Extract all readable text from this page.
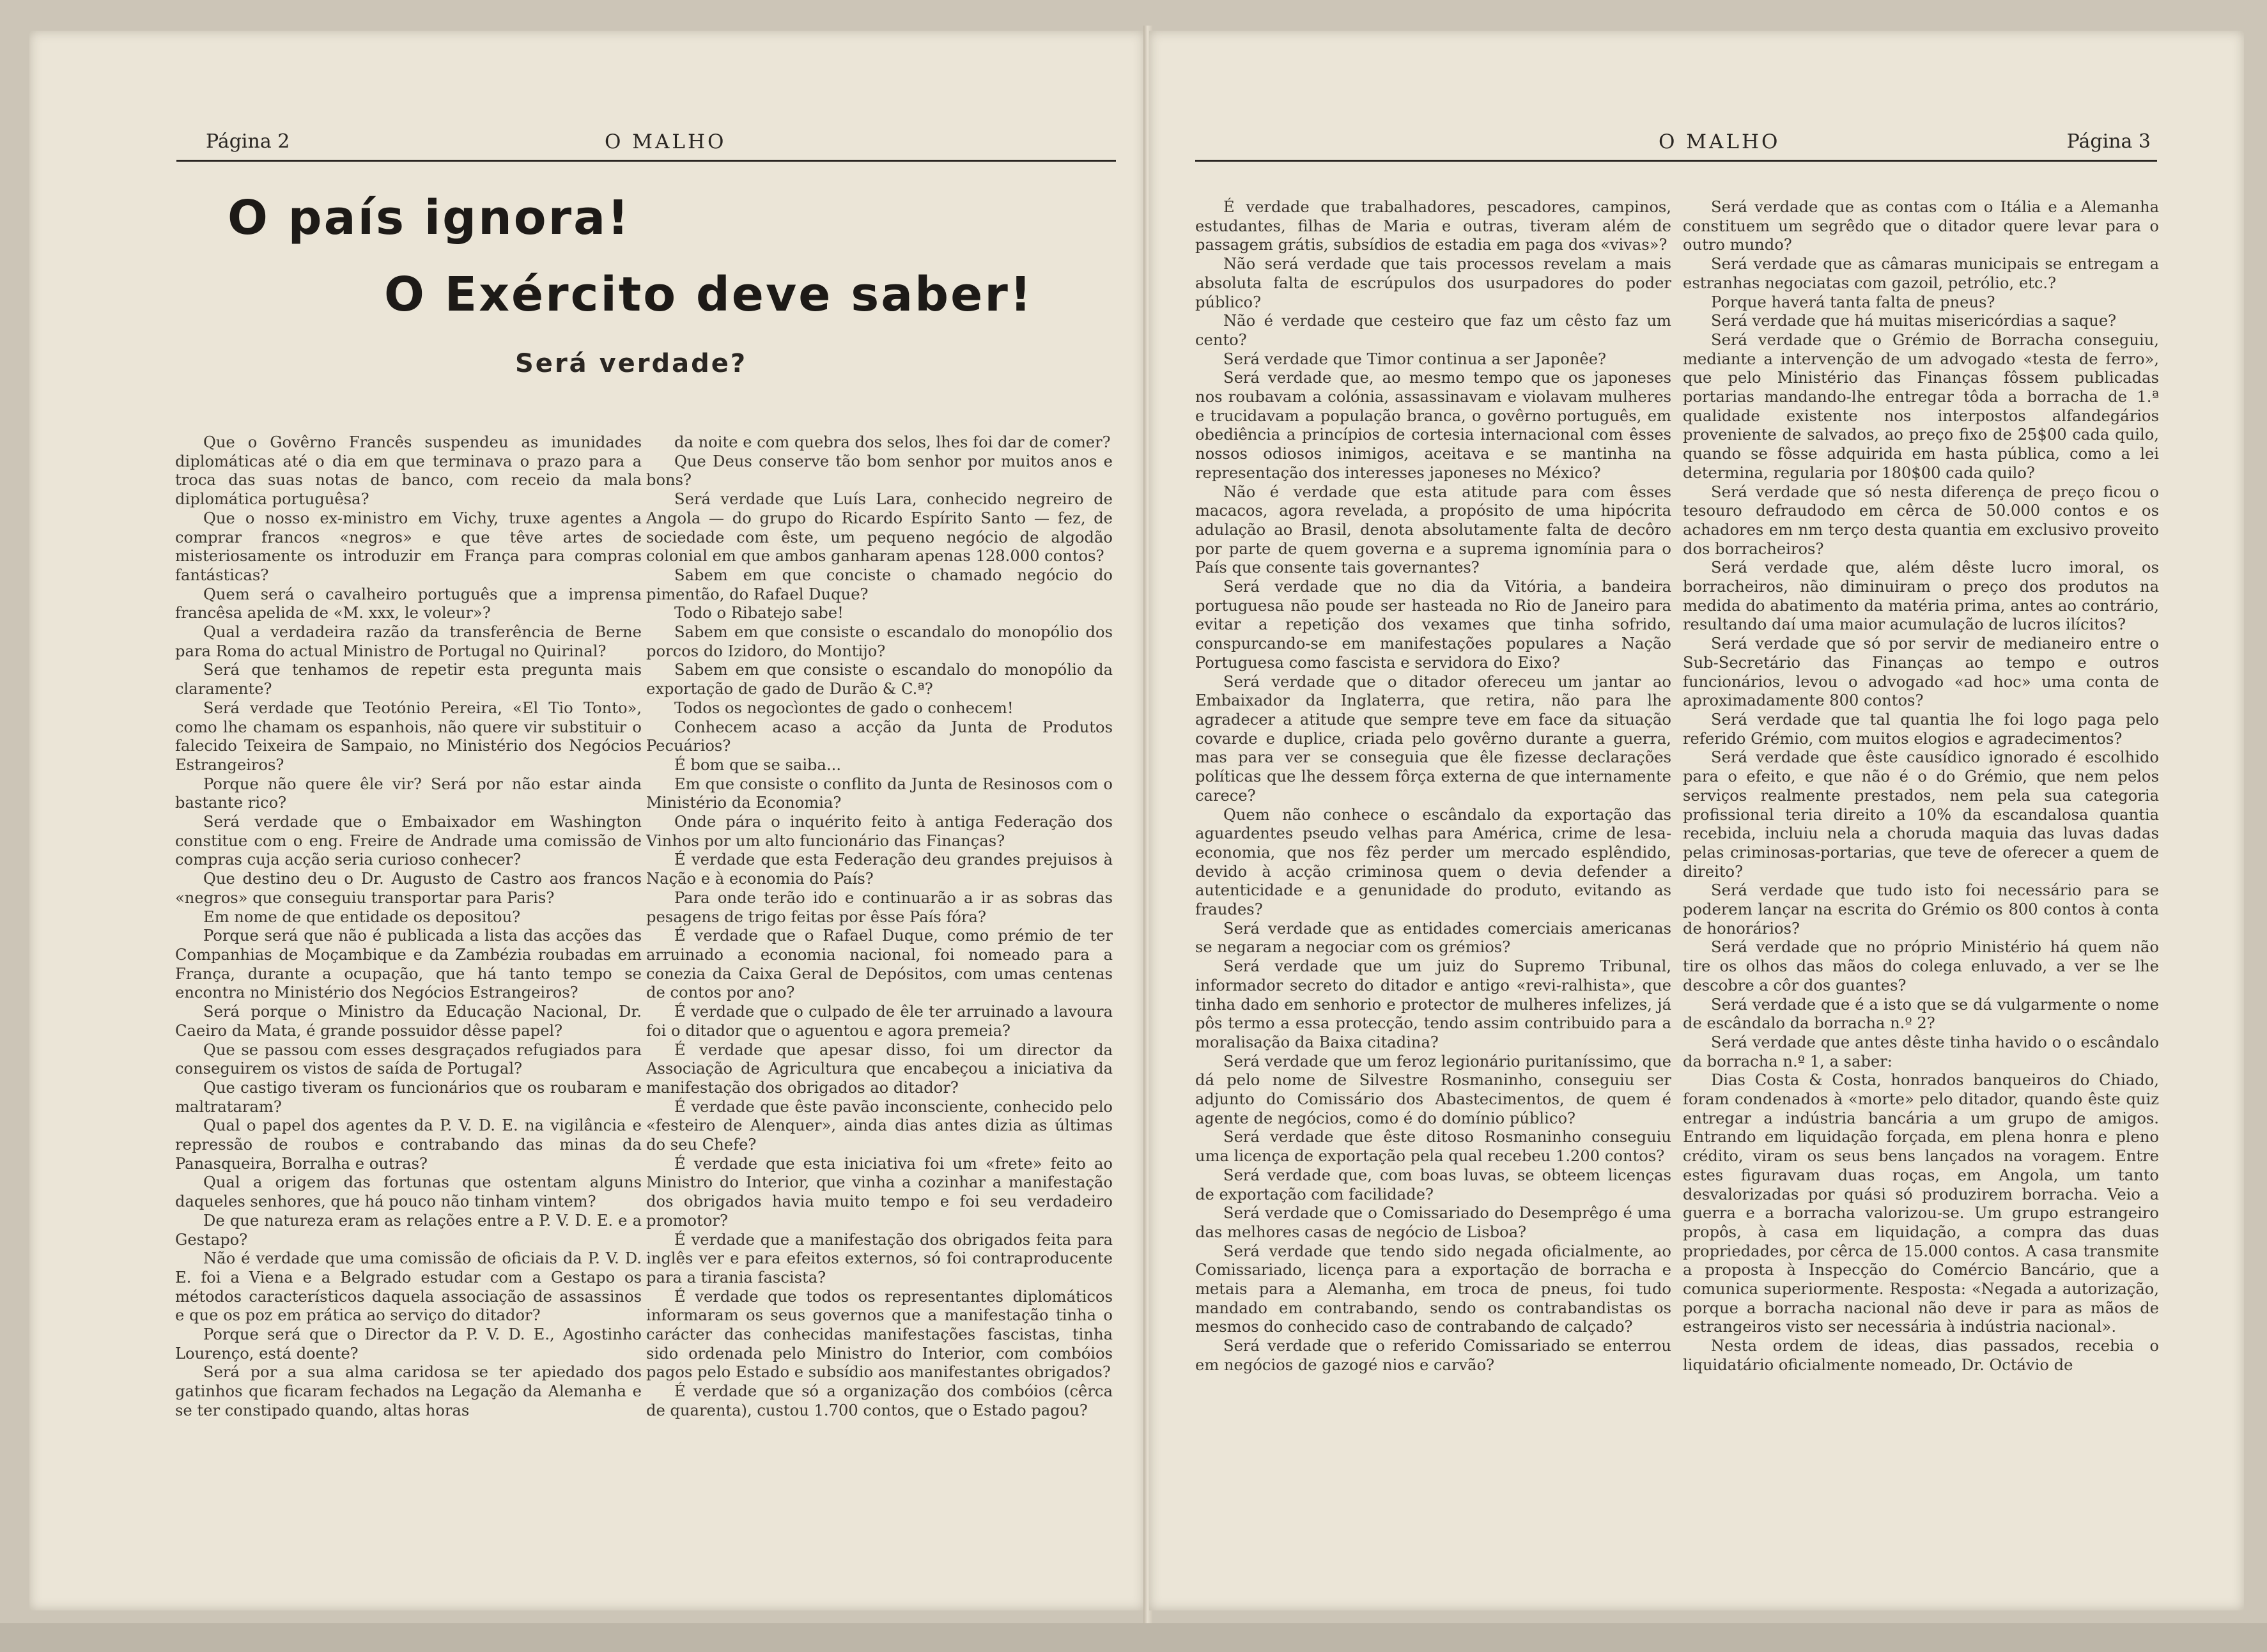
Página 2	O MALHO
O país ignora!
O Exército deve saber!
Será verdade?

Que o Govêrno Francês suspendeu as imunidades diplomáticas até o dia em que terminava o prazo para a troca das suas notas de banco, com receio da mala diplomática portuguêsa?

Que o nosso ex-ministro em Vichy, truxe agentes a comprar francos «negros» e que têve artes de misteriosamente os introduzir em França para compras fantásticas?

Quem será o cavalheiro português que a imprensa francêsa apelida de «M. xxx, le voleur»?

Qual a verdadeira razão da transferência de Berne para Roma do actual Ministro de Portugal no Quirinal?

Será que tenhamos de repetir esta pregunta mais claramente?

Será verdade que Teotónio Pereira, «El Tio Tonto», como lhe chamam os espanhois, não quere vir substituir o falecido Teixeira de Sampaio, no Ministério dos Negócios Estrangeiros?

Porque não quere êle vir? Será por não estar ainda bastante rico?

Será verdade que o Embaixador em Washington constitue com o eng. Freire de Andrade uma comissão de compras cuja acção seria curioso conhecer?

Que destino deu o Dr. Augusto de Castro aos francos «negros» que conseguiu transportar para Paris?

Em nome de que entidade os depositou?

Porque será que não é publicada a lista das acções das Companhias de Moçambique e da Zambézia roubadas em França, durante a ocupação, que há tanto tempo se encontra no Ministério dos Negócios Estrangeiros?

Será porque o Ministro da Educação Nacional, Dr. Caeiro da Mata, é grande possuidor dêsse papel?

Que se passou com esses desgraçados refugiados para conseguirem os vistos de saída de Portugal?

Que castigo tiveram os funcionários que os roubaram e maltrataram?

Qual o papel dos agentes da P. V. D. E. na vigilância e repressão de roubos e contrabando das minas da Panasqueira, Borralha e outras?

Qual a origem das fortunas que ostentam alguns daqueles senhores, que há pouco não tinham vintem?

De que natureza eram as relações entre a P. V. D. E. e a Gestapo?

Não é verdade que uma comissão de oficiais da P. V. D. E. foi a Viena e a Belgrado estudar com a Gestapo os métodos característicos daquela associação de assassinos e que os poz em prática ao serviço do ditador?

Porque será que o Director da P. V. D. E., Agostinho Lourenço, está doente?

Será por a sua alma caridosa se ter apiedado dos gatinhos que ficaram fechados na Legação da Alemanha e se ter constipado quando, altas horas

da noite e com quebra dos selos, lhes foi dar de comer?

Que Deus conserve tão bom senhor por muitos anos e bons?

Será verdade que Luís Lara, conhecido negreiro de Angola — do grupo do Ricardo Espírito Santo — fez, de sociedade com êste, um pequeno negócio de algodão colonial em que ambos ganharam apenas 128.000 contos?

Sabem em que conciste o chamado negócio do pimentão, do Rafael Duque?

Todo o Ribatejo sabe!

Sabem em que consiste o escandalo do monopólio dos porcos do Izidoro, do Montijo?

Sabem em que consiste o escandalo do monopólio da exportação de gado de Durão & C.ª?

Todos os negocìontes de gado o conhecem!

Conhecem acaso a acção da Junta de Produtos Pecuários?

É bom que se saiba...

Em que consiste o conflito da Junta de Resinosos com o Ministério da Economia?

Onde pára o inquérito feito à antiga Federação dos Vinhos por um alto funcionário das Finanças?

É verdade que esta Federação deu grandes prejuisos à Nação e à economia do País?

Para onde terão ido e continuarão a ir as sobras das pesagens de trigo feitas por êsse País fóra?

É verdade que o Rafael Duque, como prémio de ter arruinado a economia nacional, foi nomeado para a conezia da Caixa Geral de Depósitos, com umas centenas de contos por ano?

É verdade que o culpado de êle ter arruinado a lavoura foi o ditador que o aguentou e agora premeia?

É verdade que apesar disso, foi um director da Associação de Agricultura que encabeçou a iniciativa da manifestação dos obrigados ao ditador?

É verdade que êste pavão inconsciente, conhecido pelo «festeiro de Alenquer», ainda dias antes dizia as últimas do seu Chefe?

É verdade que esta iniciativa foi um «frete» feito ao Ministro do Interior, que vinha a cozinhar a manifestação dos obrigados havia muito tempo e foi seu verdadeiro promotor?

É verdade que a manifestação dos obrigados feita para inglês ver e para efeitos externos, só foi contraproducente para a tirania fascista?

É verdade que todos os representantes diplomáticos informaram os seus governos que a manifestação tinha o carácter das conhecidas manifestações fascistas, tinha sido ordenada pelo Ministro do Interior, com combóios pagos pelo Estado e subsídio aos manifestantes obrigados?

É verdade que só a organização dos combóios (cêrca de quarenta), custou 1.700 contos, que o Estado pagou?

O MALHO	Página 3

É verdade que trabalhadores, pescadores, campinos, estudantes, filhas de Maria e outras, tiveram além de passagem grátis, subsídios de estadia em paga dos «vivas»?

Não será verdade que tais processos revelam a mais absoluta falta de escrúpulos dos usurpadores do poder público?

Não é verdade que cesteiro que faz um cêsto faz um cento?

Será verdade que Timor continua a ser Japonêe?

Será verdade que, ao mesmo tempo que os japoneses nos roubavam a colónia, assassinavam e violavam mulheres e trucidavam a população branca, o govêrno português, em obediência a princípios de cortesia internacional com êsses nossos odiosos inimigos, aceitava e se mantinha na representação dos interesses japoneses no México?

Não é verdade que esta atitude para com êsses macacos, agora revelada, a propósito de uma hipócrita adulação ao Brasil, denota absolutamente falta de decôro por parte de quem governa e a suprema ignomínia para o País que consente tais governantes?

Será verdade que no dia da Vitória, a bandeira portuguesa não poude ser hasteada no Rio de Janeiro para evitar a repetição dos vexames que tinha sofrido, conspurcando-se em manifestações populares a Nação Portuguesa como fascista e servidora do Eixo?

Será verdade que o ditador ofereceu um jantar ao Embaixador da Inglaterra, que retira, não para lhe agradecer a atitude que sempre teve em face da situação covarde e duplice, criada pelo govêrno durante a guerra, mas para ver se conseguia que êle fizesse declarações políticas que lhe dessem fôrça externa de que internamente carece?

Quem não conhece o escândalo da exportação das aguardentes pseudo velhas para América, crime de lesa-economia, que nos fêz perder um mercado esplêndido, devido à acção criminosa quem o devia defender a autenticidade e a genunidade do produto, evitando as fraudes?

Será verdade que as entidades comerciais americanas se negaram a negociar com os grémios?

Será verdade que um juiz do Supremo Tribunal, informador secreto do ditador e antigo «revi-ralhista», que tinha dado em senhorio e protector de mulheres infelizes, já pôs termo a essa protecção, tendo assim contribuido para a moralisação da Baixa citadina?

Será verdade que um feroz legionário puritaníssimo, que dá pelo nome de Silvestre Rosmaninho, conseguiu ser adjunto do Comissário dos Abastecimentos, de quem é agente de negócios, como é do domínio público?

Será verdade que êste ditoso Rosmaninho conseguiu uma licença de exportação pela qual recebeu 1.200 contos?

Será verdade que, com boas luvas, se obteem licenças de exportação com facilidade?

Será verdade que o Comissariado do Desemprêgo é uma das melhores casas de negócio de Lisboa?

Será verdade que tendo sido negada oficialmente, ao Comissariado, licença para a exportação de borracha e metais para a Alemanha, em troca de pneus, foi tudo mandado em contrabando, sendo os contrabandistas os mesmos do conhecido caso de contrabando de calçado?

Será verdade que o referido Comissariado se enterrou em negócios de gazogé nios e carvão?

Será verdade que as contas com o Itália e a Alemanha constituem um segrêdo que o ditador quere levar para o outro mundo?

Será verdade que as câmaras municipais se entregam a estranhas negociatas com gazoil, petrólio, etc.?

Porque haverá tanta falta de pneus?

Será verdade que há muitas misericórdias a saque?

Será verdade que o Grémio de Borracha conseguiu, mediante a intervenção de um advogado «testa de ferro», que pelo Ministério das Finanças fôssem publicadas portarias mandando-lhe entregar tôda a borracha de 1.ª qualidade existente nos interpostos alfandegários proveniente de salvados, ao preço fixo de 25$00 cada quilo, quando se fôsse adquirida em hasta pública, como a lei determina, regularia por 180$00 cada quilo?

Será verdade que só nesta diferença de preço ficou o tesouro defraudodo em cêrca de 50.000 contos e os achadores em nm terço desta quantia em exclusivo proveito dos borracheiros?

Será verdade que, além dêste lucro imoral, os borracheiros, não diminuiram o preço dos produtos na medida do abatimento da matéria prima, antes ao contrário, resultando daí uma maior acumulação de lucros ilícitos?

Será verdade que só por servir de medianeiro entre o Sub-Secretário das Finanças ao tempo e outros funcionários, levou o advogado «ad hoc» uma conta de aproximadamente 800 contos?

Será verdade que tal quantia lhe foi logo paga pelo referido Grémio, com muitos elogios e agradecimentos?

Será verdade que êste causídico ignorado é escolhido para o efeito, e que não é o do Grémio, que nem pelos serviços realmente prestados, nem pela sua categoria profissional teria direito a 10% da escandalosa quantia recebida, incluiu nela a choruda maquia das luvas dadas pelas criminosas-portarias, que teve de oferecer a quem de direito?

Será verdade que tudo isto foi necessário para se poderem lançar na escrita do Grémio os 800 contos à conta de honorários?

Será verdade que no próprio Ministério há quem não tire os olhos das mãos do colega enluvado, a ver se lhe descobre a côr dos guantes?

Será verdade que é a isto que se dá vulgarmente o nome de escândalo da borracha n.º 2?

Será verdade que antes dêste tinha havido o o escândalo da borracha n.º 1, a saber:

Dias Costa & Costa, honrados banqueiros do Chiado, foram condenados à «morte» pelo ditador, quando êste quiz entregar a indústria bancária a um grupo de amigos. Entrando em liquidação forçada, em plena honra e pleno crédito, viram os seus bens lançados na voragem. Entre estes figuravam duas roças, em Angola, um tanto desvalorizadas por quási só produzirem borracha. Veio a guerra e a borracha valorizou-se. Um grupo estrangeiro propôs, à casa em liquidação, a compra das duas propriedades, por cêrca de 15.000 contos. A casa transmite a proposta à Inspecção do Comércio Bancário, que a comunica superiormente. Resposta: «Negada a autorização, porque a borracha nacional não deve ir para as mãos de estrangeiros visto ser necessária à indústria nacional».

Nesta ordem de ideas, dias passados, recebia o liquidatário oficialmente nomeado, Dr. Octávio de
